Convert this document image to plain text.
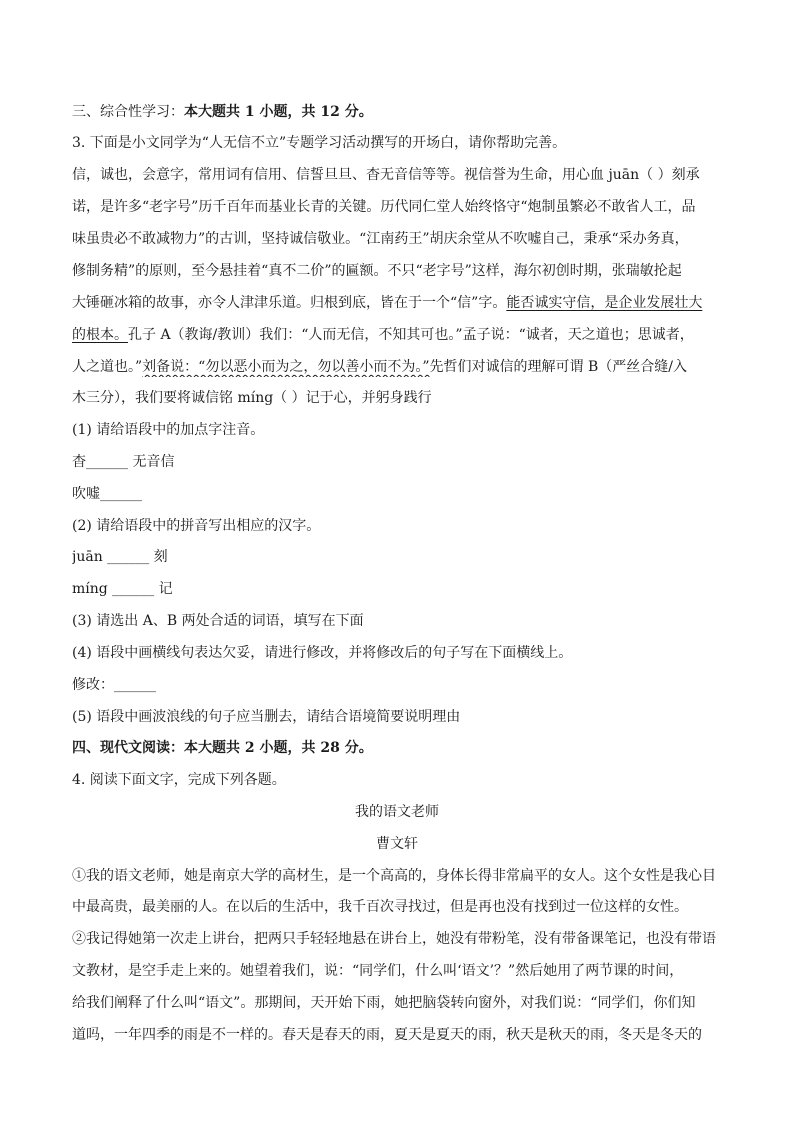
三、综合性学习：本大题共 1 小题，共 12 分。
3. 下面是小文同学为“人无信不立”专题学习活动撰写的开场白，请你帮助完善。
信，诚也，会意字，常用词有信用、信誓旦旦、杳无音信等等。视信誉为生命，用心血 juān（ ）刻承
诺，是许多“老字号”历千百年而基业长青的关键。历代同仁堂人始终恪守“炮制虽繁必不敢省人工，品
味虽贵必不敢减物力”的古训，坚持诚信敬业。“江南药王”胡庆余堂从不吹嘘自己，秉承“采办务真，
修制务精”的原则，至今悬挂着“真不二价”的匾额。不只“老字号”这样，海尔初创时期，张瑞敏抡起
大锤砸冰箱的故事，亦令人津津乐道。归根到底，皆在于一个“信”字。能否诚实守信，是企业发展壮大
的根本。孔子 A（教诲/教训）我们：“人而无信，不知其可也。”孟子说：“诚者，天之道也；思诚者，
人之道也。”刘备说：“勿以恶小而为之，勿以善小而不为。”先哲们对诚信的理解可谓 B（严丝合缝/入
木三分），我们要将诚信铭 míng（ ）记于心，并躬身践行
(1) 请给语段中的加点字注音。
杳______ 无音信
吹嘘______
(2) 请给语段中的拼音写出相应的汉字。
juān ______ 刻
míng ______ 记
(3) 请选出 A、B 两处合适的词语，填写在下面
(4) 语段中画横线句表达欠妥，请进行修改，并将修改后的句子写在下面横线上。
修改：______
(5) 语段中画波浪线的句子应当删去，请结合语境简要说明理由
四、现代文阅读：本大题共 2 小题，共 28 分。
4. 阅读下面文字，完成下列各题。
我的语文老师
曹文轩
①我的语文老师，她是南京大学的高材生，是一个高高的，身体长得非常扁平的女人。这个女性是我心目
中最高贵，最美丽的人。在以后的生活中，我千百次寻找过，但是再也没有找到过一位这样的女性。
②我记得她第一次走上讲台，把两只手轻轻地悬在讲台上，她没有带粉笔，没有带备课笔记，也没有带语
文教材，是空手走上来的。她望着我们，说：“同学们，什么叫‘语文’？”然后她用了两节课的时间，
给我们阐释了什么叫“语文”。那期间，天开始下雨，她把脑袋转向窗外，对我们说：“同学们，你们知
道吗，一年四季的雨是不一样的。春天是春天的雨，夏天是夏天的雨，秋天是秋天的雨，冬天是冬天的
